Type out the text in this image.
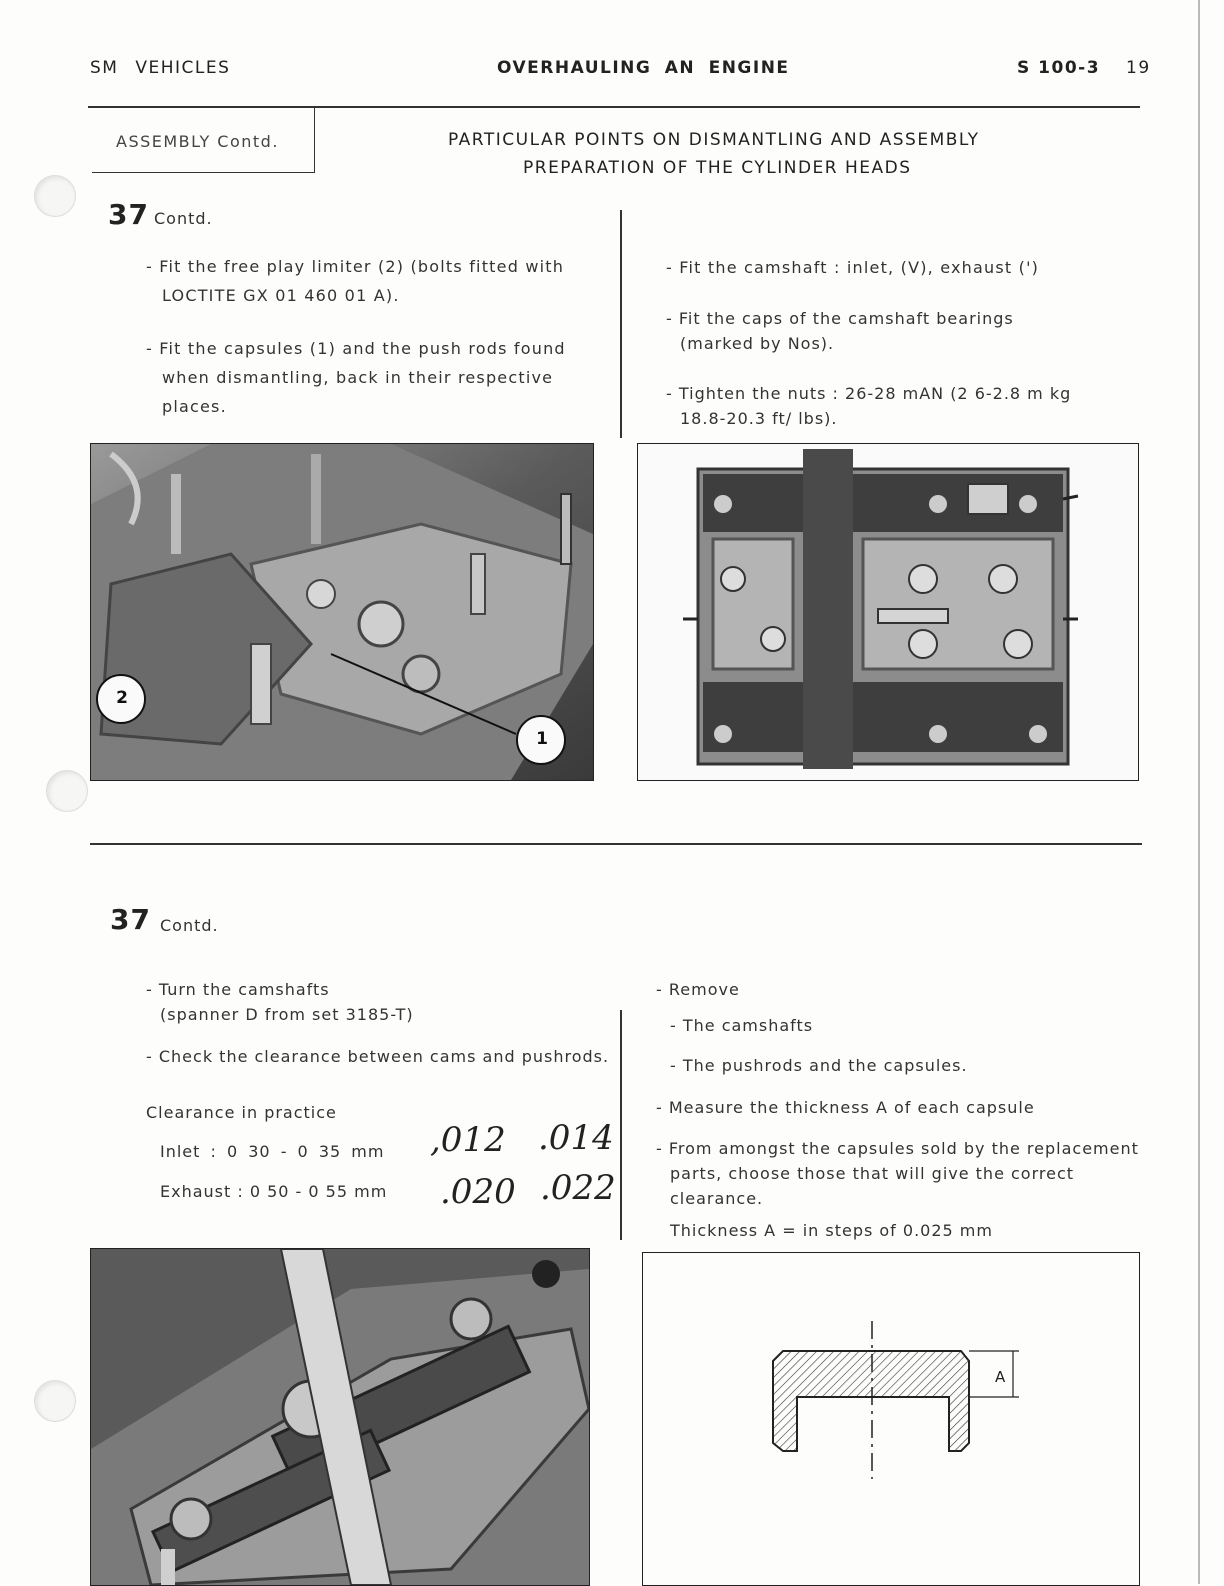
SM VEHICLES	OVERHAULING AN ENGINE	S 100-3 19
ASSEMBLY Contd.	PARTICULAR POINTS ON DISMANTLING AND ASSEMBLY
PREPARATION OF THE CYLINDER HEADS
37 Contd.
- Fit the free play limiter (2) (bolts fitted with
LOCTITE GX 01 460 01 A).
- Fit the capsules (1) and the push rods found
when dismantling, back in their respective
places.
- Fit the camshaft : inlet, (V), exhaust (')
- Fit the caps of the camshaft bearings
(marked by Nos).
- Tighten the nuts : 26-28 mAN (2 6-2.8 m kg
18.8-20.3 ft/ lbs).
2
1
37 Contd.
- Turn the camshafts
(spanner D from set 3185-T)
- Check the clearance between cams and pushrods.
Clearance in practice
Inlet : 0 30 - 0 35 mm
Exhaust : 0 50 - 0 55 mm
,012 .014
.020 .022
- Remove
- The camshafts
- The pushrods and the capsules.
- Measure the thickness A of each capsule
- From amongst the capsules sold by the replacement
parts, choose those that will give the correct
clearance.
Thickness A = in steps of 0.025 mm
A
